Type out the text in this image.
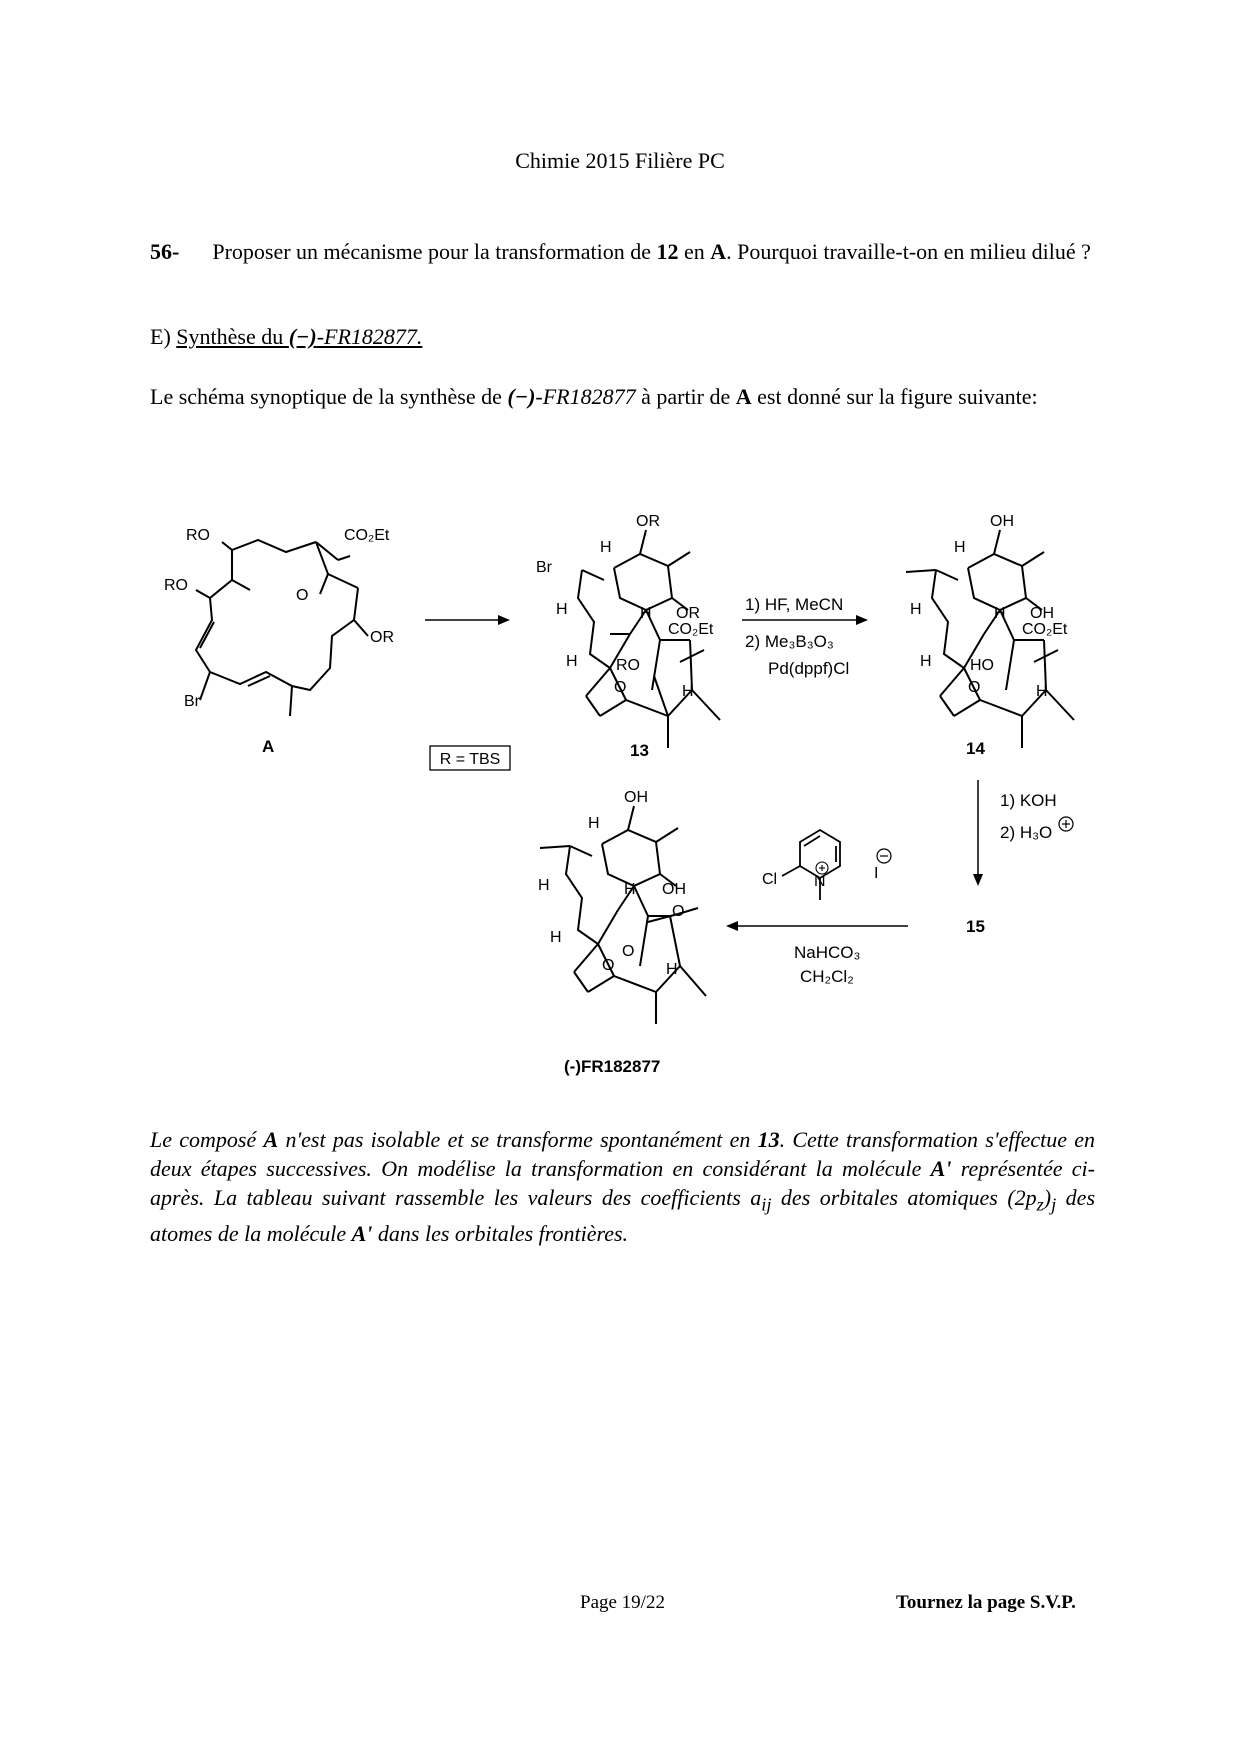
Chimie 2015 Filière PC
56- Proposer un mécanisme pour la transformation de 12 en A. Pourquoi travaille-t-on en milieu dilué ?
E) Synthèse du (−)-FR182877.
Le schéma synoptique de la synthèse de (−)-FR182877 à partir de A est donné sur la figure suivante:
RO
RO
CO₂Et
O
OR
Br
A
R = TBS
OR
H
Br
OR
H	H
CO₂Et
H RO
O	H
13
1) HF, MeCN
2) Me₃B₃O₃
Pd(dppf)Cl
OH
H
OH
H	H
CO₂Et
H HO
O	H
14
1) KOH
2) H₃O
15
Cl N	I
NaHCO₃
CH₂Cl₂
OH
H
OH
H	H
O
H
O
O	H
(-)FR182877
Le composé A n'est pas isolable et se transforme spontanément en 13. Cette transformation s'effectue en deux étapes successives. On modélise la transformation en considérant la molécule A' représentée ci-après. La tableau suivant rassemble les valeurs des coefficients $a_{ij}$ des orbitales atomiques $(2p_z)_j$ des atomes de la molécule A' dans les orbitales frontières.
Page 19/22	Tournez la page S.V.P.
